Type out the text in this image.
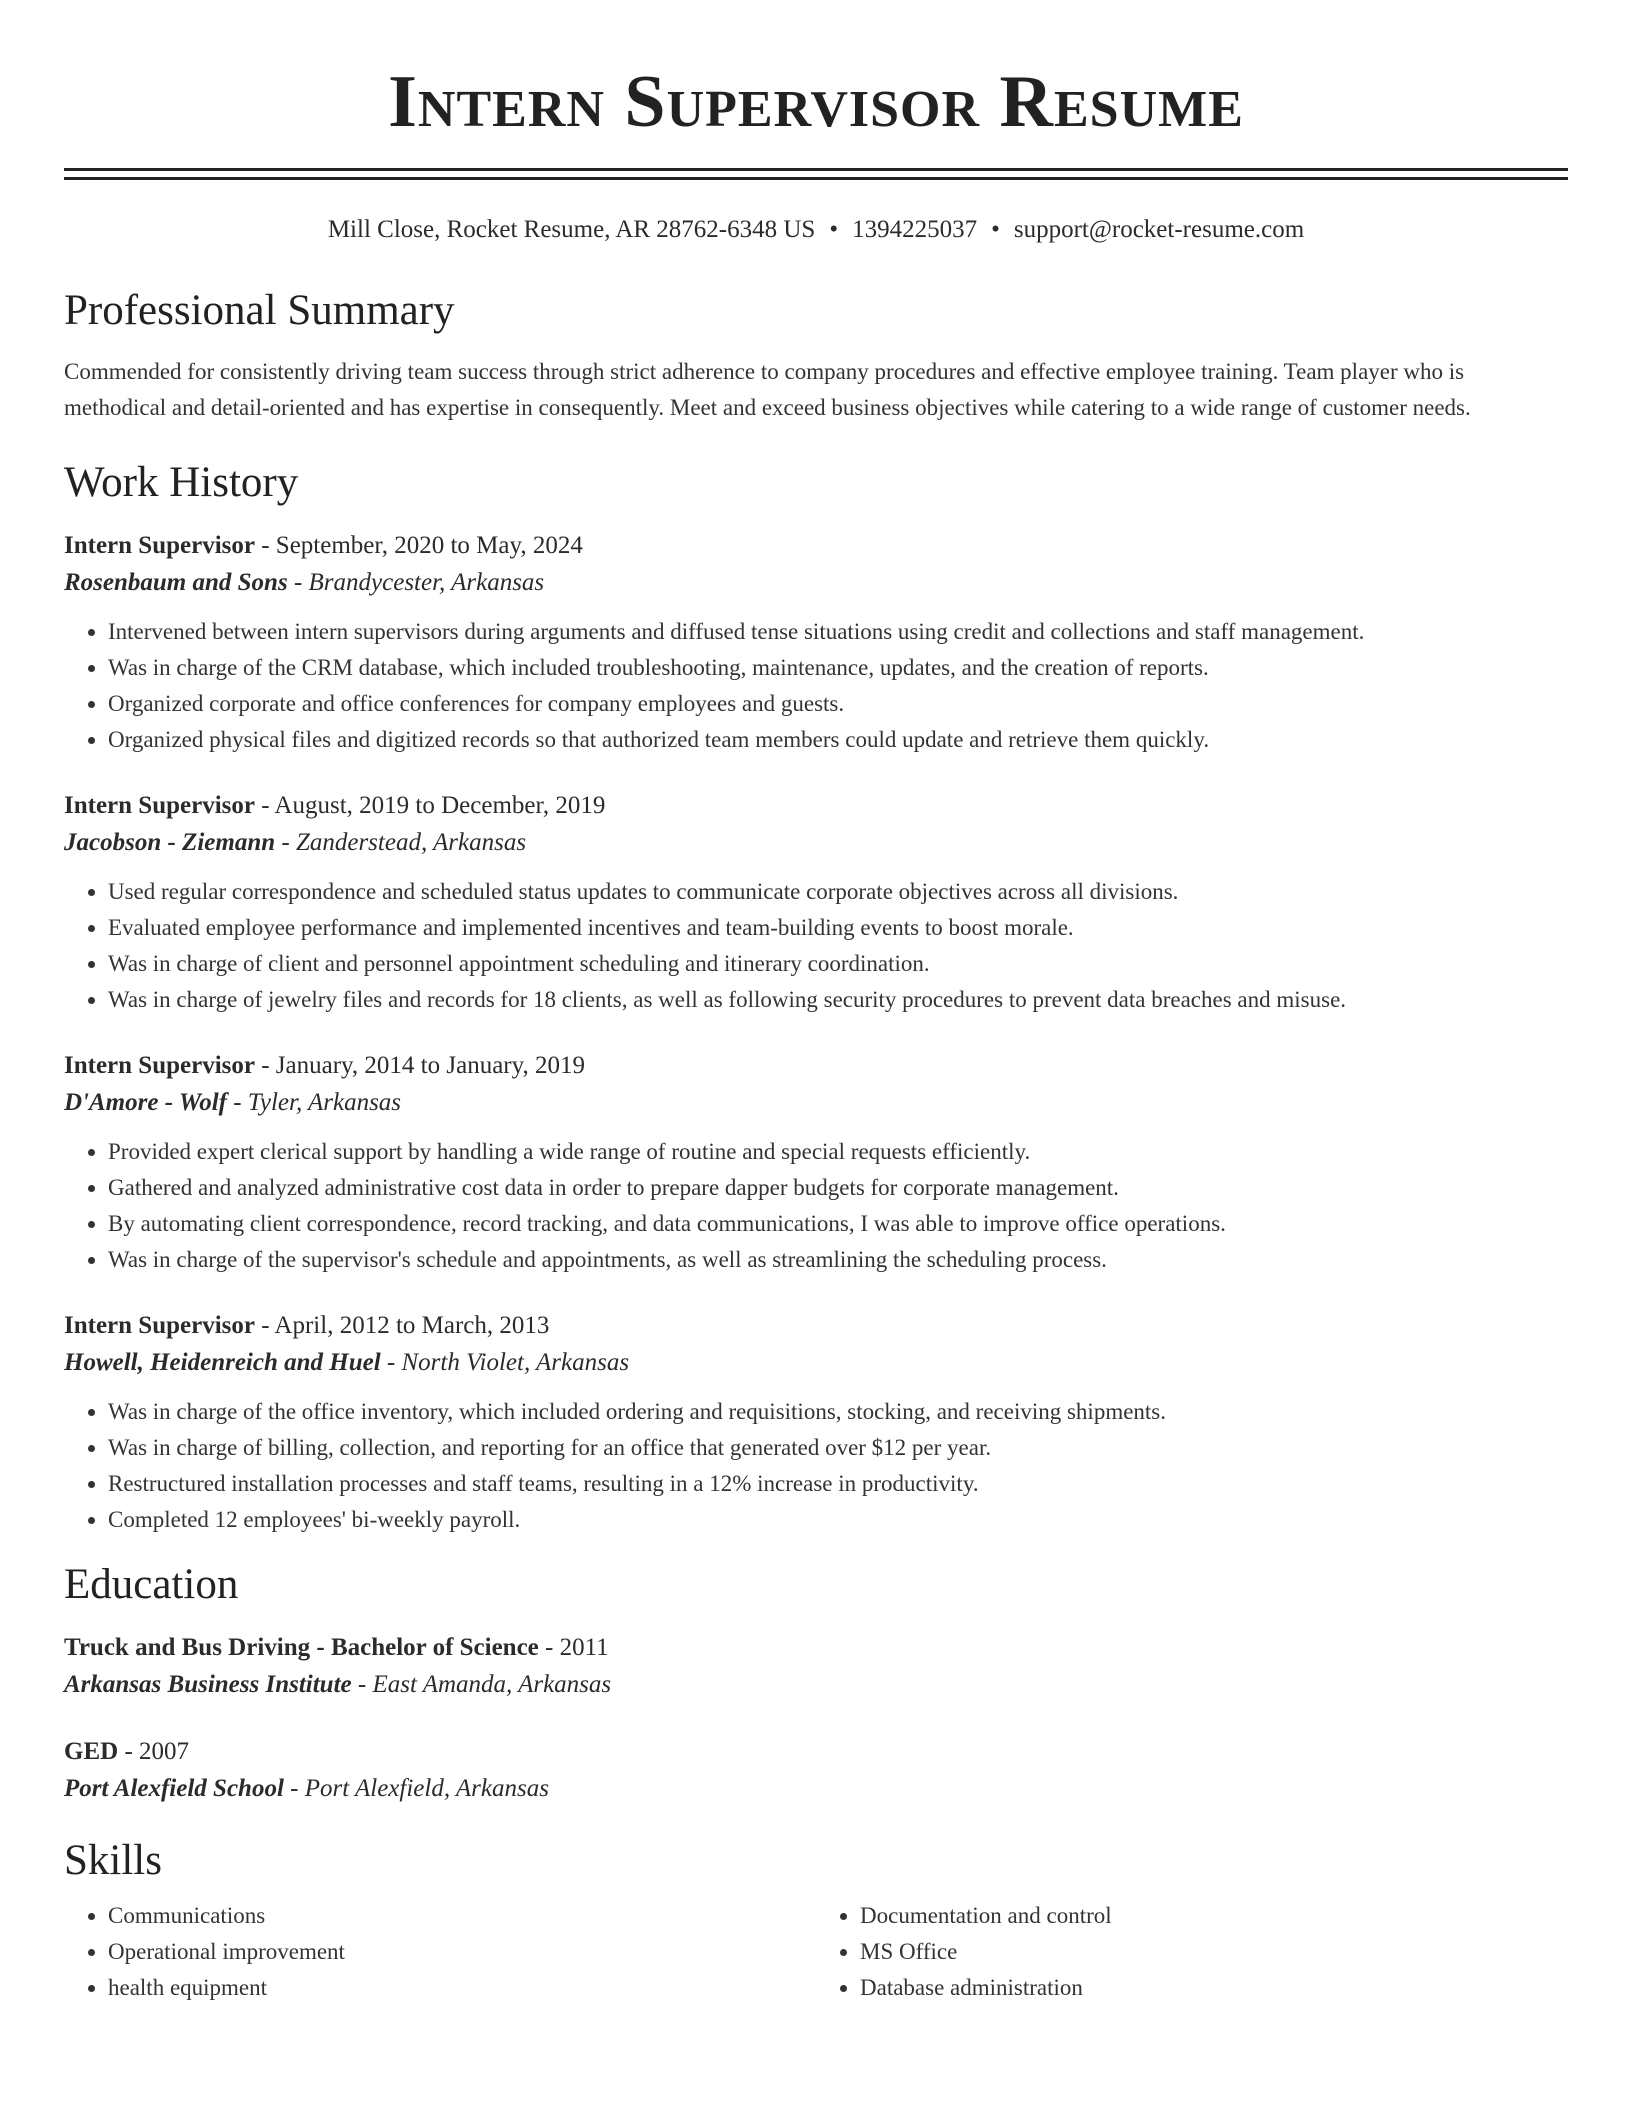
Intern Supervisor Resume
Mill Close, Rocket Resume, AR 28762-6348 US • 1394225037 • support@rocket-resume.com
Professional Summary
Commended for consistently driving team success through strict adherence to company procedures and effective employee training. Team player who is methodical and detail-oriented and has expertise in consequently. Meet and exceed business objectives while catering to a wide range of customer needs.
Work History
Intern Supervisor - September, 2020 to May, 2024
Rosenbaum and Sons - Brandycester, Arkansas
• Intervened between intern supervisors during arguments and diffused tense situations using credit and collections and staff management.
• Was in charge of the CRM database, which included troubleshooting, maintenance, updates, and the creation of reports.
• Organized corporate and office conferences for company employees and guests.
• Organized physical files and digitized records so that authorized team members could update and retrieve them quickly.
Intern Supervisor - August, 2019 to December, 2019
Jacobson - Ziemann - Zanderstead, Arkansas
• Used regular correspondence and scheduled status updates to communicate corporate objectives across all divisions.
• Evaluated employee performance and implemented incentives and team-building events to boost morale.
• Was in charge of client and personnel appointment scheduling and itinerary coordination.
• Was in charge of jewelry files and records for 18 clients, as well as following security procedures to prevent data breaches and misuse.
Intern Supervisor - January, 2014 to January, 2019
D'Amore - Wolf - Tyler, Arkansas
• Provided expert clerical support by handling a wide range of routine and special requests efficiently.
• Gathered and analyzed administrative cost data in order to prepare dapper budgets for corporate management.
• By automating client correspondence, record tracking, and data communications, I was able to improve office operations.
• Was in charge of the supervisor's schedule and appointments, as well as streamlining the scheduling process.
Intern Supervisor - April, 2012 to March, 2013
Howell, Heidenreich and Huel - North Violet, Arkansas
• Was in charge of the office inventory, which included ordering and requisitions, stocking, and receiving shipments.
• Was in charge of billing, collection, and reporting for an office that generated over $12 per year.
• Restructured installation processes and staff teams, resulting in a 12% increase in productivity.
• Completed 12 employees' bi-weekly payroll.
Education
Truck and Bus Driving - Bachelor of Science - 2011
Arkansas Business Institute - East Amanda, Arkansas
GED - 2007
Port Alexfield School - Port Alexfield, Arkansas
Skills
• Communications
• Operational improvement
• health equipment
• Documentation and control
• MS Office
• Database administration
